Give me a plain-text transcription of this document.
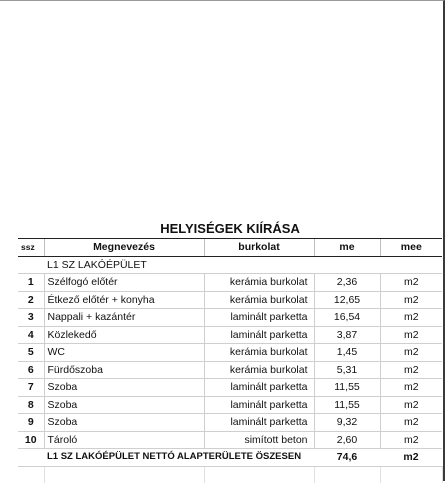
HELYISÉGEK KIÍRÁSA				
ssz	Megnevezés	burkolat	me	mee
	L1 SZ LAKÓÉPÜLET			
1	Szélfogó előtér	kerámia burkolat	2,36	m2
2	Étkező előtér + konyha	kerámia burkolat	12,65	m2
3	Nappali + kazántér	laminált parketta	16,54	m2
4	Közlekedő	laminált parketta	3,87	m2
5	WC	kerámia burkolat	1,45	m2
6	Fürdőszoba	kerámia burkolat	5,31	m2
7	Szoba	laminált parketta	11,55	m2
8	Szoba	laminált parketta	11,55	m2
9	Szoba	laminált parketta	9,32	m2
10	Tároló	simított beton	2,60	m2
	L1 SZ LAKÓÉPÜLET NETTÓ ALAPTERÜLETE ÖSZESEN		74,6	m2
